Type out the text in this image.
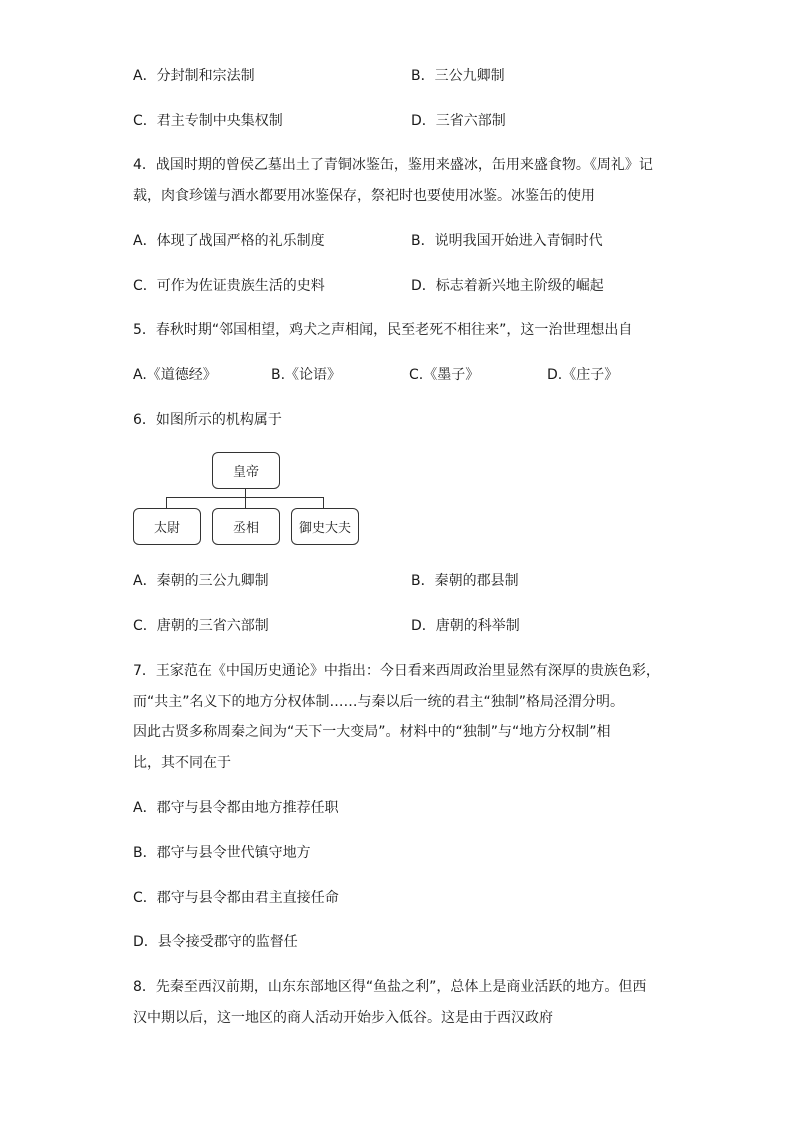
A．分封制和宗法制	B．三公九卿制
C．君主专制中央集权制	D．三省六部制
4．战国时期的曾侯乙墓出土了青铜冰鉴缶，鉴用来盛冰，缶用来盛食物。《周礼》记
载，肉食珍馐与酒水都要用冰鉴保存，祭祀时也要使用冰鉴。冰鉴缶的使用
A．体现了战国严格的礼乐制度	B．说明我国开始进入青铜时代
C．可作为佐证贵族生活的史料	D．标志着新兴地主阶级的崛起
5．春秋时期“邻国相望，鸡犬之声相闻，民至老死不相往来”，这一治世理想出自
A.《道德经》	B.《论语》	C.《墨子》	D.《庄子》
6．如图所示的机构属于
皇帝
太尉	丞相	御史大夫
A．秦朝的三公九卿制	B．秦朝的郡县制
C．唐朝的三省六部制	D．唐朝的科举制
7．王家范在《中国历史通论》中指出：今日看来西周政治里显然有深厚的贵族色彩，
而“共主”名义下的地方分权体制……与秦以后一统的君主“独制”格局泾渭分明。
因此古贤多称周秦之间为“天下一大变局”。材料中的“独制”与“地方分权制”相
比，其不同在于
A．郡守与县令都由地方推荐任职
B．郡守与县令世代镇守地方
C．郡守与县令都由君主直接任命
D．县令接受郡守的监督任
8．先秦至西汉前期，山东东部地区得“鱼盐之利”，总体上是商业活跃的地方。但西
汉中期以后，这一地区的商人活动开始步入低谷。这是由于西汉政府
